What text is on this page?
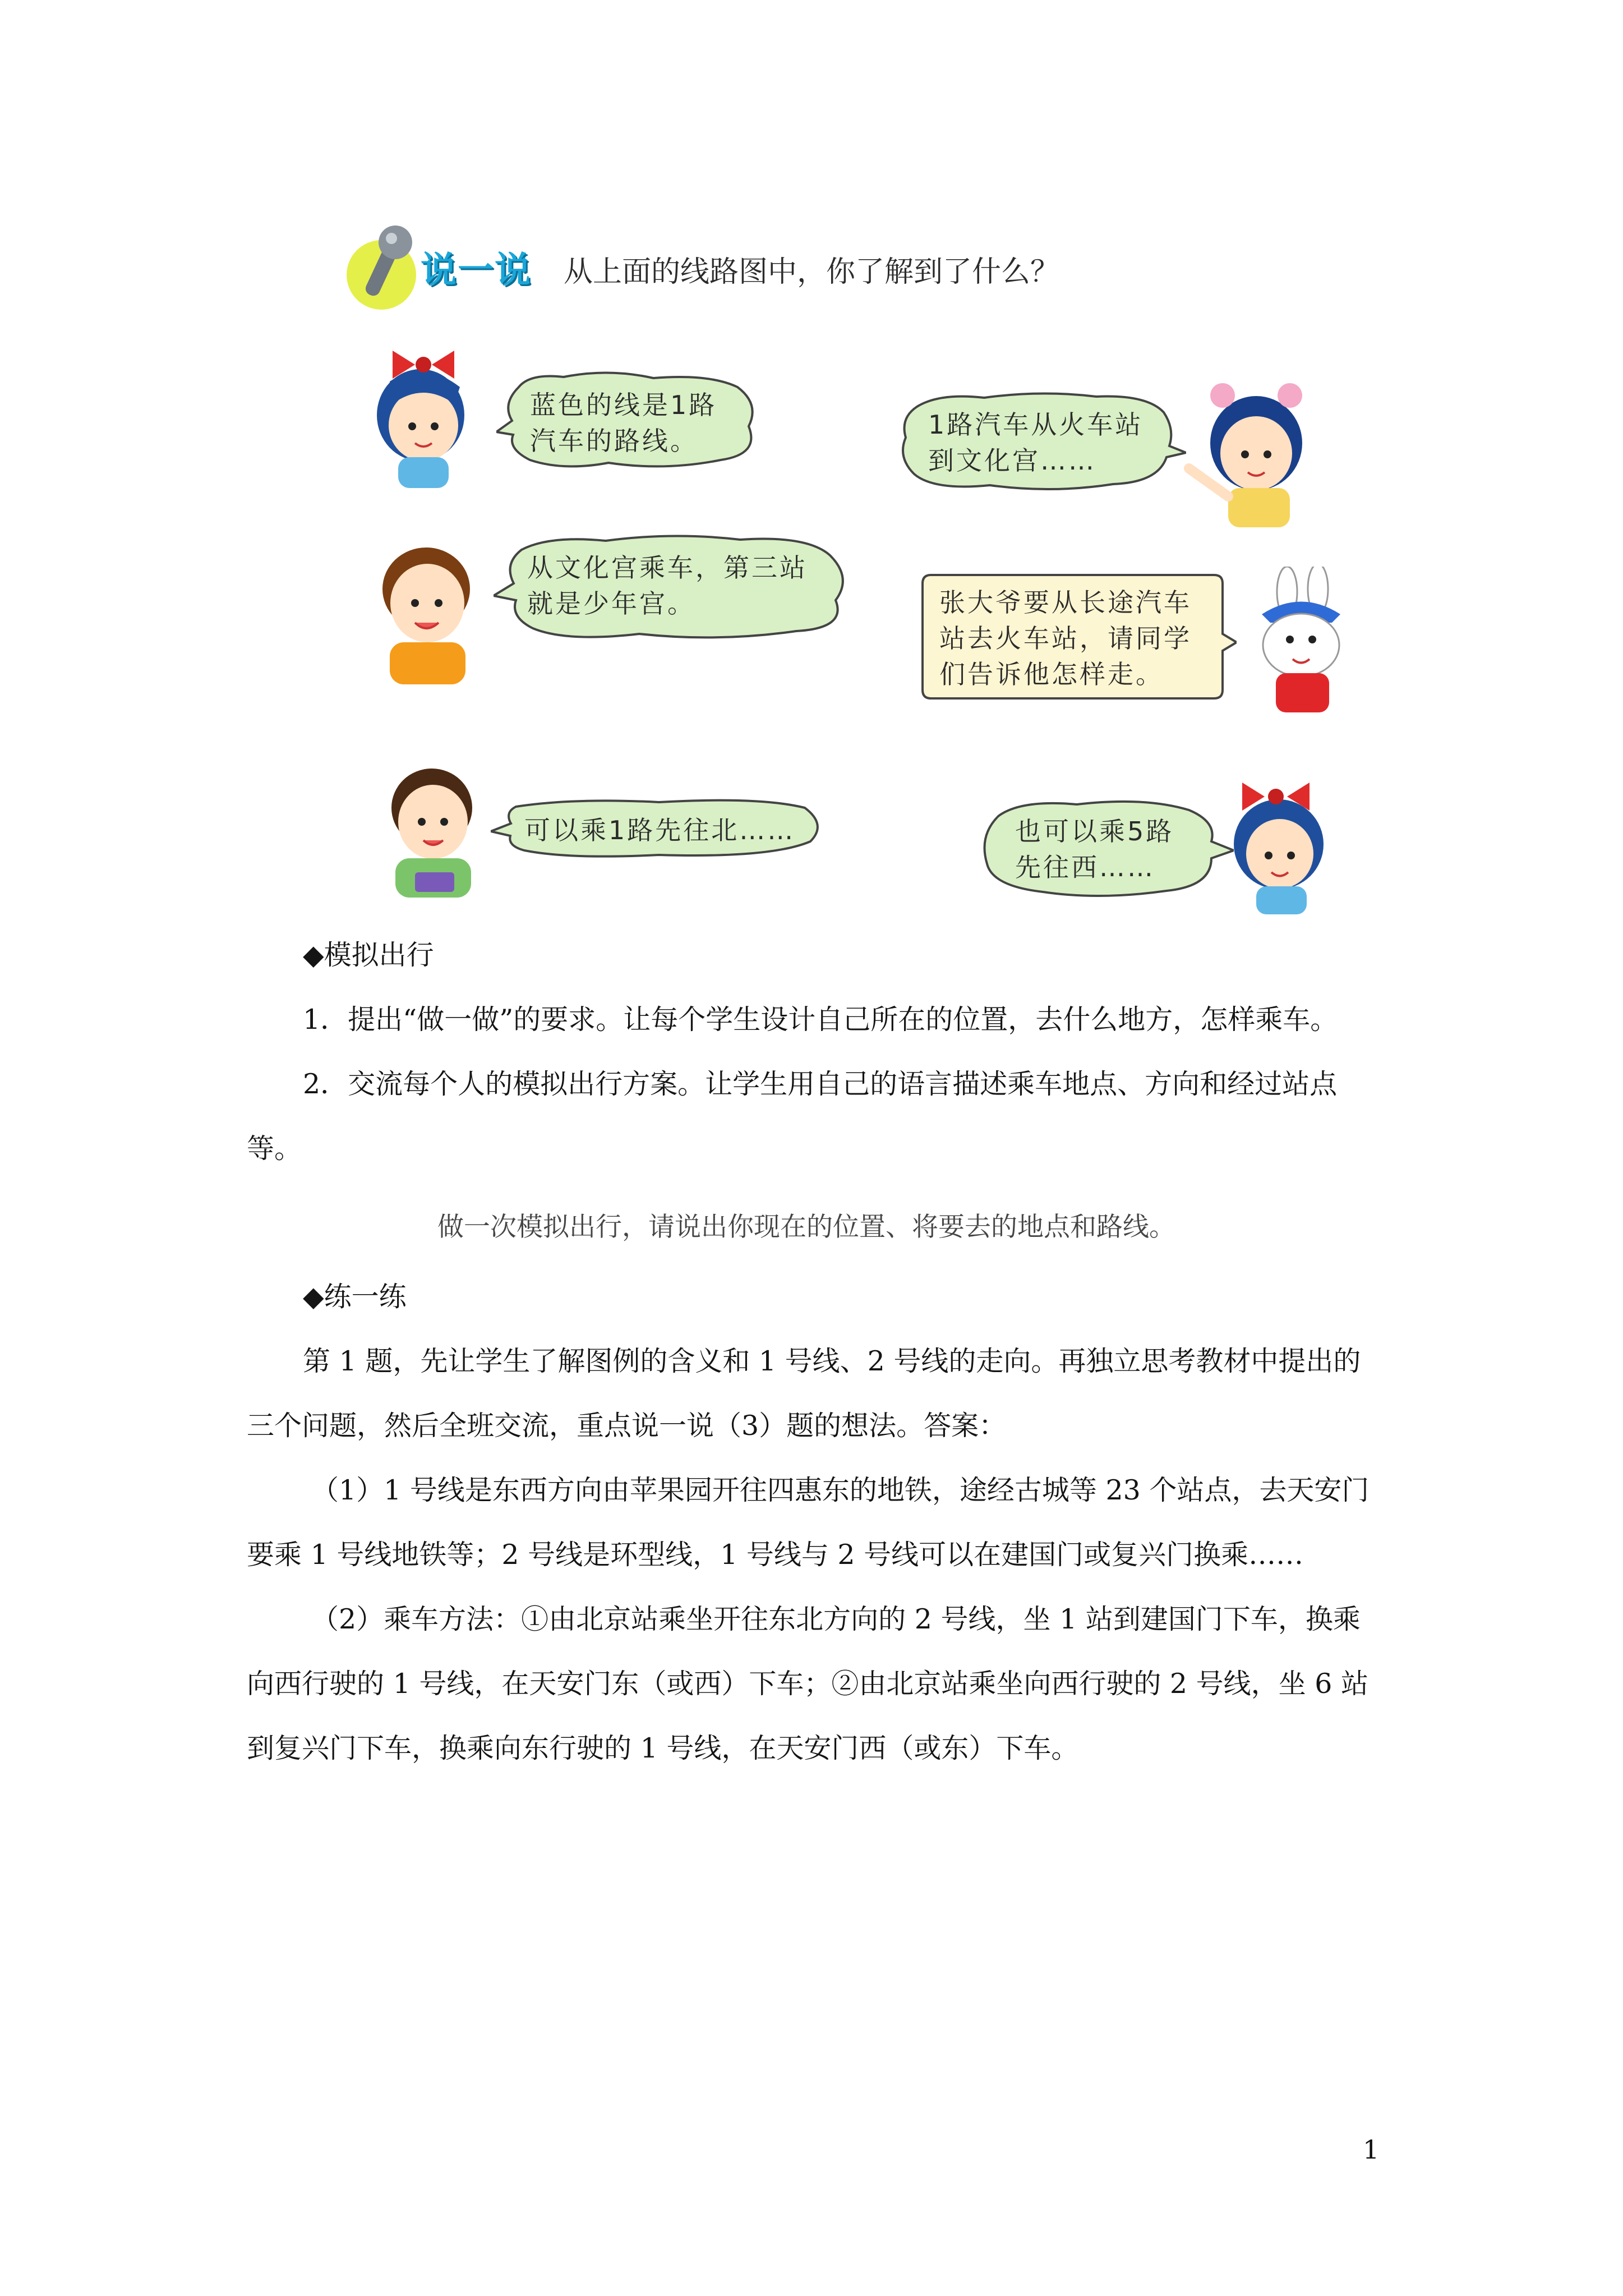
说一说 从上面的线路图中，你了解到了什么？
蓝色的线是1路
汽车的路线。
1路汽车从火车站
到文化宫……
从文化宫乘车，第三站
就是少年宫。	张大爷要从长途汽车
站去火车站，请同学
们告诉他怎样走。
可以乘1路先往北……	也可以乘5路
先往西……
◆模拟出行
1．提出“做一做”的要求。让每个学生设计自己所在的位置，去什么地方，怎样乘车。
2．交流每个人的模拟出行方案。让学生用自己的语言描述乘车地点、方向和经过站点
等。
做一次模拟出行，请说出你现在的位置、将要去的地点和路线。
◆练一练
第 1 题，先让学生了解图例的含义和 1 号线、2 号线的走向。再独立思考教材中提出的
三个问题，然后全班交流，重点说一说（3）题的想法。答案：
（1）1 号线是东西方向由苹果园开往四惠东的地铁，途经古城等 23 个站点，去天安门
要乘 1 号线地铁等；2 号线是环型线，1 号线与 2 号线可以在建国门或复兴门换乘……
（2）乘车方法：①由北京站乘坐开往东北方向的 2 号线，坐 1 站到建国门下车，换乘
向西行驶的 1 号线，在天安门东（或西）下车；②由北京站乘坐向西行驶的 2 号线，坐 6 站
到复兴门下车，换乘向东行驶的 1 号线，在天安门西（或东）下车。
1
